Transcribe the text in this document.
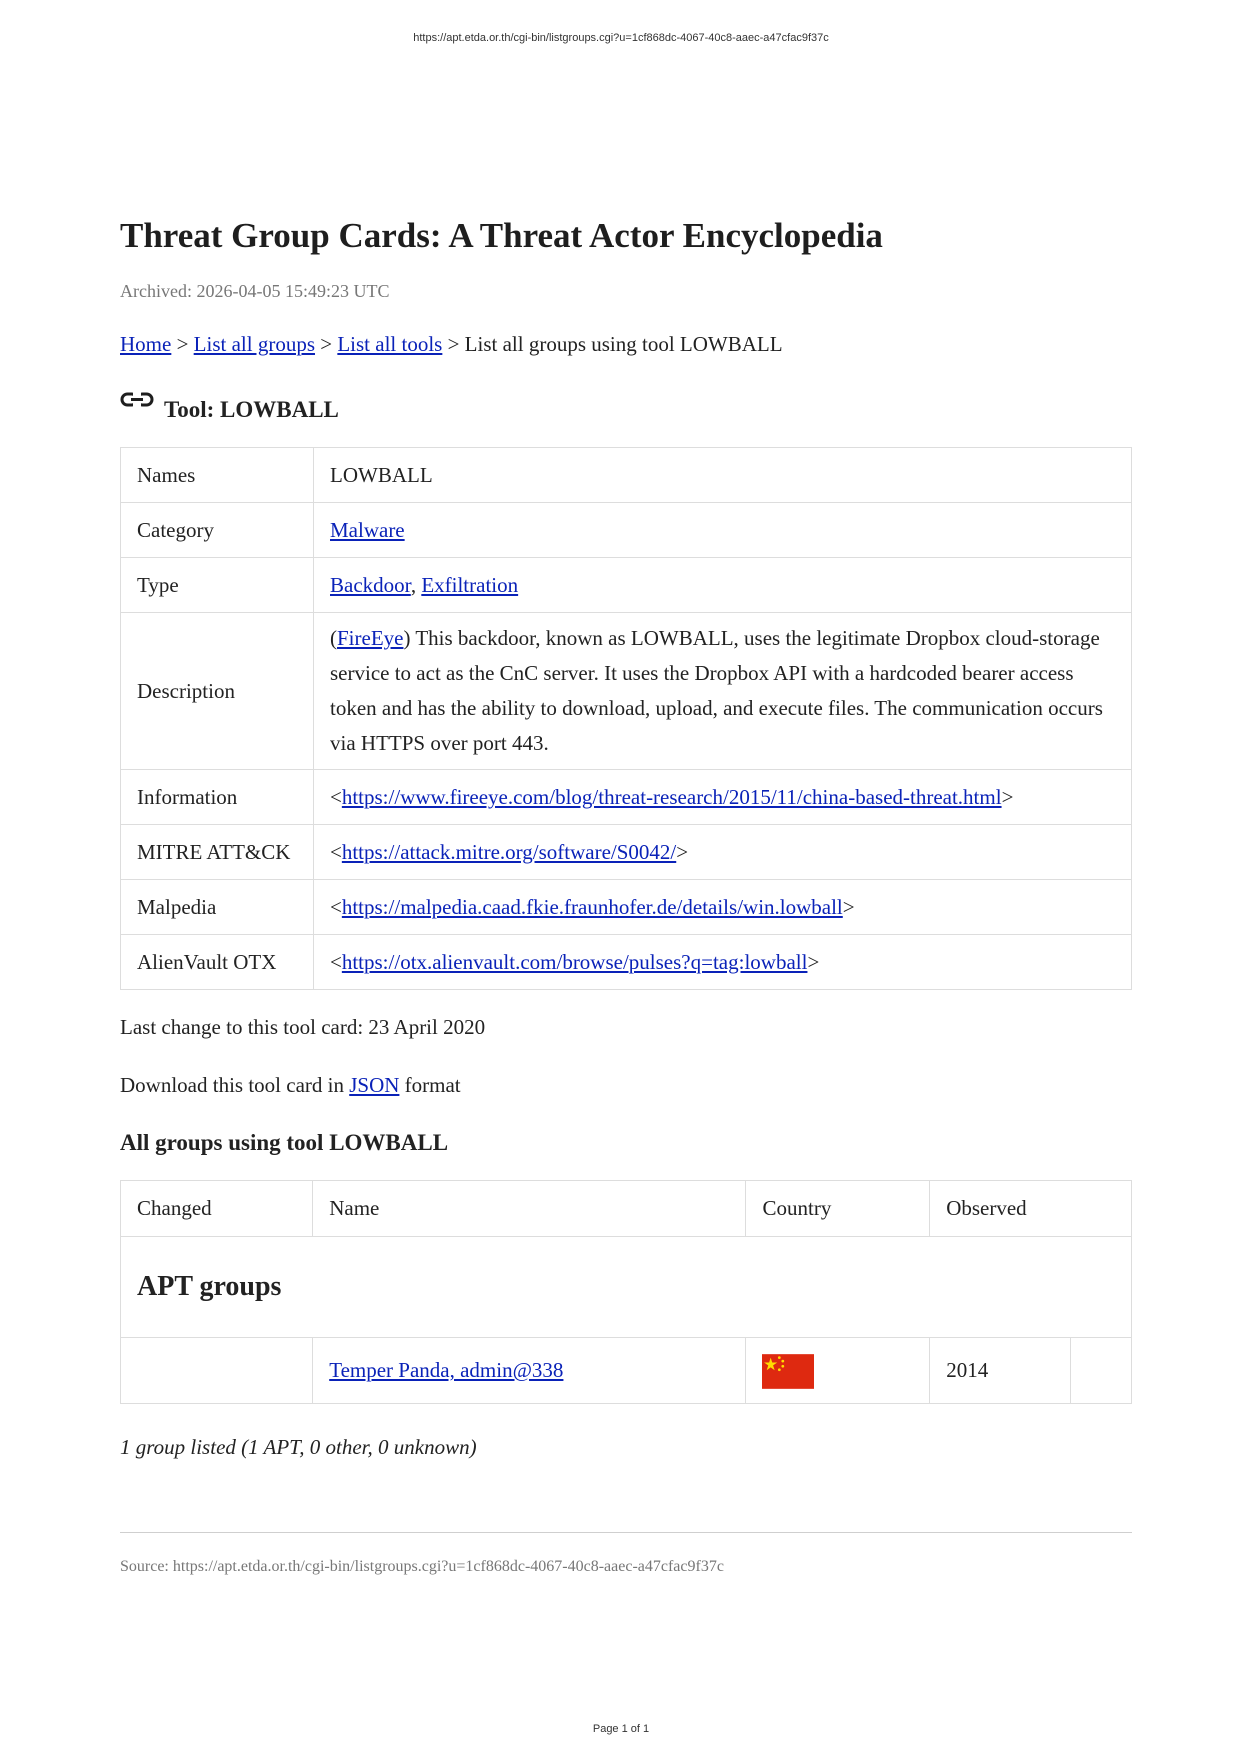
https://apt.etda.or.th/cgi-bin/listgroups.cgi?u=1cf868dc-4067-40c8-aaec-a47cfac9f37c
Threat Group Cards: A Threat Actor Encyclopedia
Archived: 2026-04-05 15:49:23 UTC
Home > List all groups > List all tools > List all groups using tool LOWBALL
Tool: LOWBALL
Names	LOWBALL
Category	Malware
Type	Backdoor, Exfiltration
Description	(FireEye) This backdoor, known as LOWBALL, uses the legitimate Dropbox cloud-storage service to act as the CnC server. It uses the Dropbox API with a hardcoded bearer access token and has the ability to download, upload, and execute files. The communication occurs via HTTPS over port 443.
Information	<https://www.fireeye.com/blog/threat-research/2015/11/china-based-threat.html>
MITRE ATT&CK	<https://attack.mitre.org/software/S0042/>
Malpedia	<https://malpedia.caad.fkie.fraunhofer.de/details/win.lowball>
AlienVault OTX	<https://otx.alienvault.com/browse/pulses?q=tag:lowball>
Last change to this tool card: 23 April 2020
Download this tool card in JSON format
All groups using tool LOWBALL
Changed	Name	Country	Observed	
APT groups				
	Temper Panda, admin@338		2014	
1 group listed (1 APT, 0 other, 0 unknown)
Source: https://apt.etda.or.th/cgi-bin/listgroups.cgi?u=1cf868dc-4067-40c8-aaec-a47cfac9f37c
Page 1 of 1
